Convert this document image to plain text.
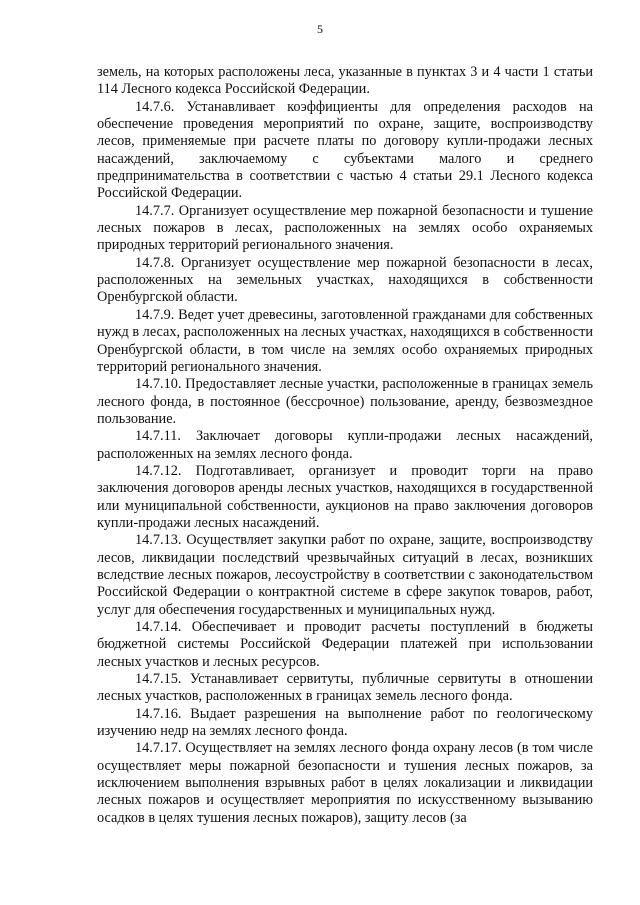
5

земель, на которых расположены леса, указанные в пунктах 3 и 4 части 1 статьи 114 Лесного кодекса Российской Федерации.

14.7.6. Устанавливает коэффициенты для определения расходов на обеспечение проведения мероприятий по охране, защите, воспроизводству лесов, применяемые при расчете платы по договору купли-продажи лесных насаждений, заключаемому с субъектами малого и среднего предпринимательства в соответствии с частью 4 статьи 29.1 Лесного кодекса Российской Федерации.

14.7.7. Организует осуществление мер пожарной безопасности и тушение лесных пожаров в лесах, расположенных на землях особо охраняемых природных территорий регионального значения.

14.7.8. Организует осуществление мер пожарной безопасности в лесах, расположенных на земельных участках, находящихся в собственности Оренбургской области.

14.7.9. Ведет учет древесины, заготовленной гражданами для собственных нужд в лесах, расположенных на лесных участках, находящихся в собственности Оренбургской области, в том числе на землях особо охраняемых природных территорий регионального значения.

14.7.10. Предоставляет лесные участки, расположенные в границах земель лесного фонда, в постоянное (бессрочное) пользование, аренду, безвозмездное пользование.

14.7.11. Заключает договоры купли-продажи лесных насаждений, расположенных на землях лесного фонда.

14.7.12. Подготавливает, организует и проводит торги на право заключения договоров аренды лесных участков, находящихся в государственной или муниципальной собственности, аукционов на право заключения договоров купли-продажи лесных насаждений.

14.7.13. Осуществляет закупки работ по охране, защите, воспроизводству лесов, ликвидации последствий чрезвычайных ситуаций в лесах, возникших вследствие лесных пожаров, лесоустройству в соответствии с законодательством Российской Федерации о контрактной системе в сфере закупок товаров, работ, услуг для обеспечения государственных и муниципальных нужд.

14.7.14. Обеспечивает и проводит расчеты поступлений в бюджеты бюджетной системы Российской Федерации платежей при использовании лесных участков и лесных ресурсов.

14.7.15. Устанавливает сервитуты, публичные сервитуты в отношении лесных участков, расположенных в границах земель лесного фонда.

14.7.16. Выдает разрешения на выполнение работ по геологическому изучению недр на землях лесного фонда.

14.7.17. Осуществляет на землях лесного фонда охрану лесов (в том числе осуществляет меры пожарной безопасности и тушения лесных пожаров, за исключением выполнения взрывных работ в целях локализации и ликвидации лесных пожаров и осуществляет мероприятия по искусственному вызыванию осадков в целях тушения лесных пожаров), защиту лесов (за
